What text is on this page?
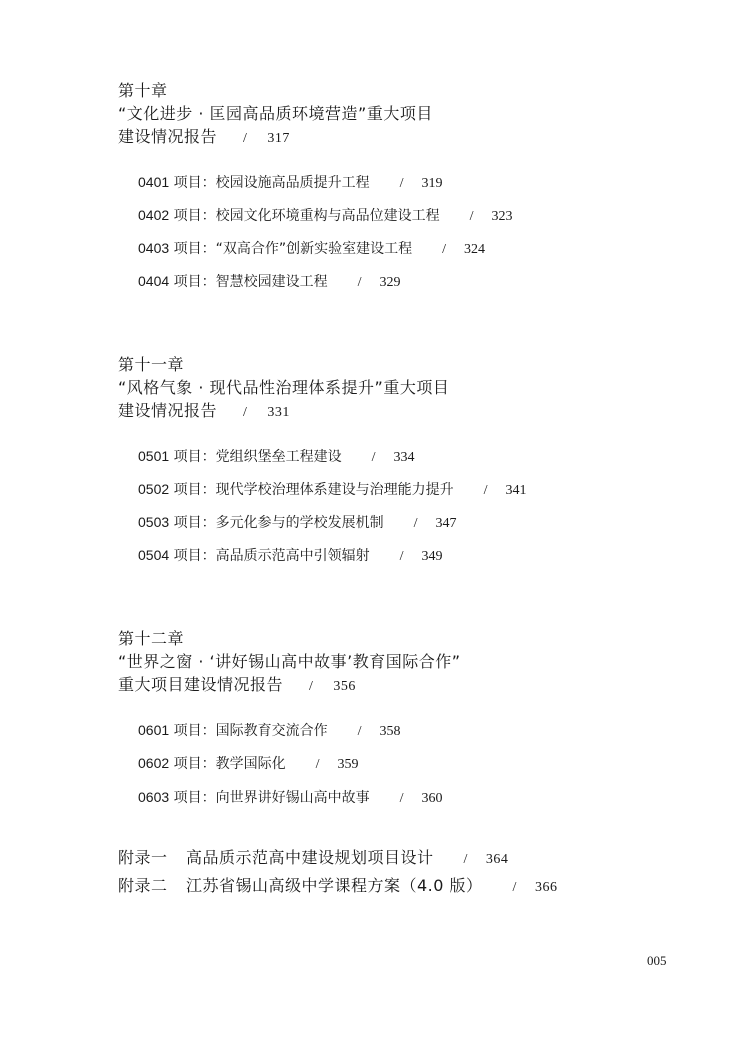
第十章
“文化进步 · 匡园高品质环境营造”重大项目
建设情况报告 / 317
0401 项目：校园设施高品质提升工程 / 319
0402 项目：校园文化环境重构与高品位建设工程 / 323
0403 项目：“双高合作”创新实验室建设工程 / 324
0404 项目：智慧校园建设工程 / 329
第十一章
“风格气象 · 现代品性治理体系提升”重大项目
建设情况报告 / 331
0501 项目：党组织堡垒工程建设 / 334
0502 项目：现代学校治理体系建设与治理能力提升 / 341
0503 项目：多元化参与的学校发展机制 / 347
0504 项目：高品质示范高中引领辐射 / 349
第十二章
“世界之窗 · ‘讲好锡山高中故事’教育国际合作”
重大项目建设情况报告 / 356
0601 项目：国际教育交流合作 / 358
0602 项目：教学国际化 / 359
0603 项目：向世界讲好锡山高中故事 / 360
附录一 高品质示范高中建设规划项目设计 / 364
附录二 江苏省锡山高级中学课程方案（4.0 版） / 366
005
